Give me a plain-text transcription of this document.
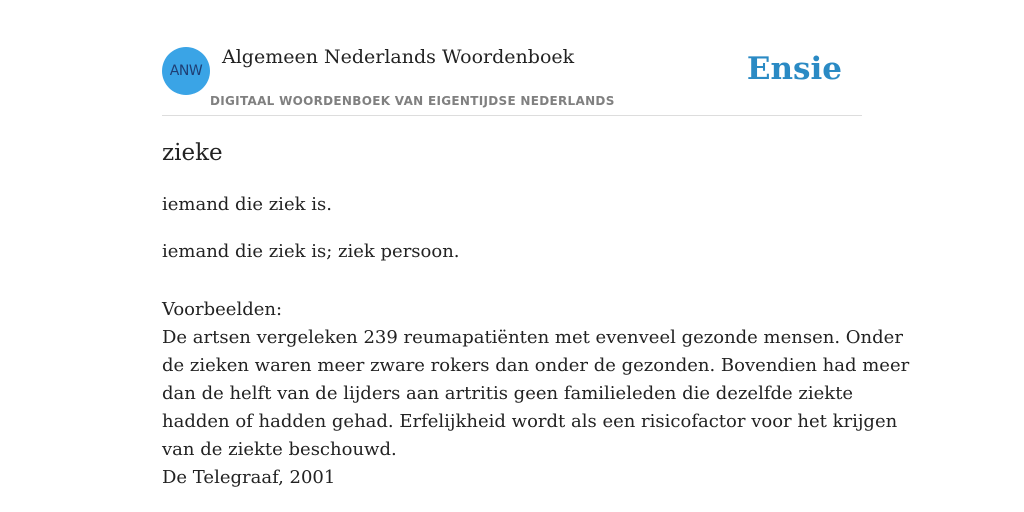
ANW
Algemeen Nederlands Woordenboek
DIGITAAL WOORDENBOEK VAN EIGENTIJDSE NEDERLANDS
Ensie
zieke
iemand die ziek is.
iemand die ziek is; ziek persoon.
Voorbeelden:
De artsen vergeleken 239 reumapatiënten met evenveel gezonde mensen. Onder
de zieken waren meer zware rokers dan onder de gezonden. Bovendien had meer
dan de helft van de lijders aan artritis geen familieleden die dezelfde ziekte
hadden of hadden gehad. Erfelijkheid wordt als een risicofactor voor het krijgen
van de ziekte beschouwd.
De Telegraaf, 2001
